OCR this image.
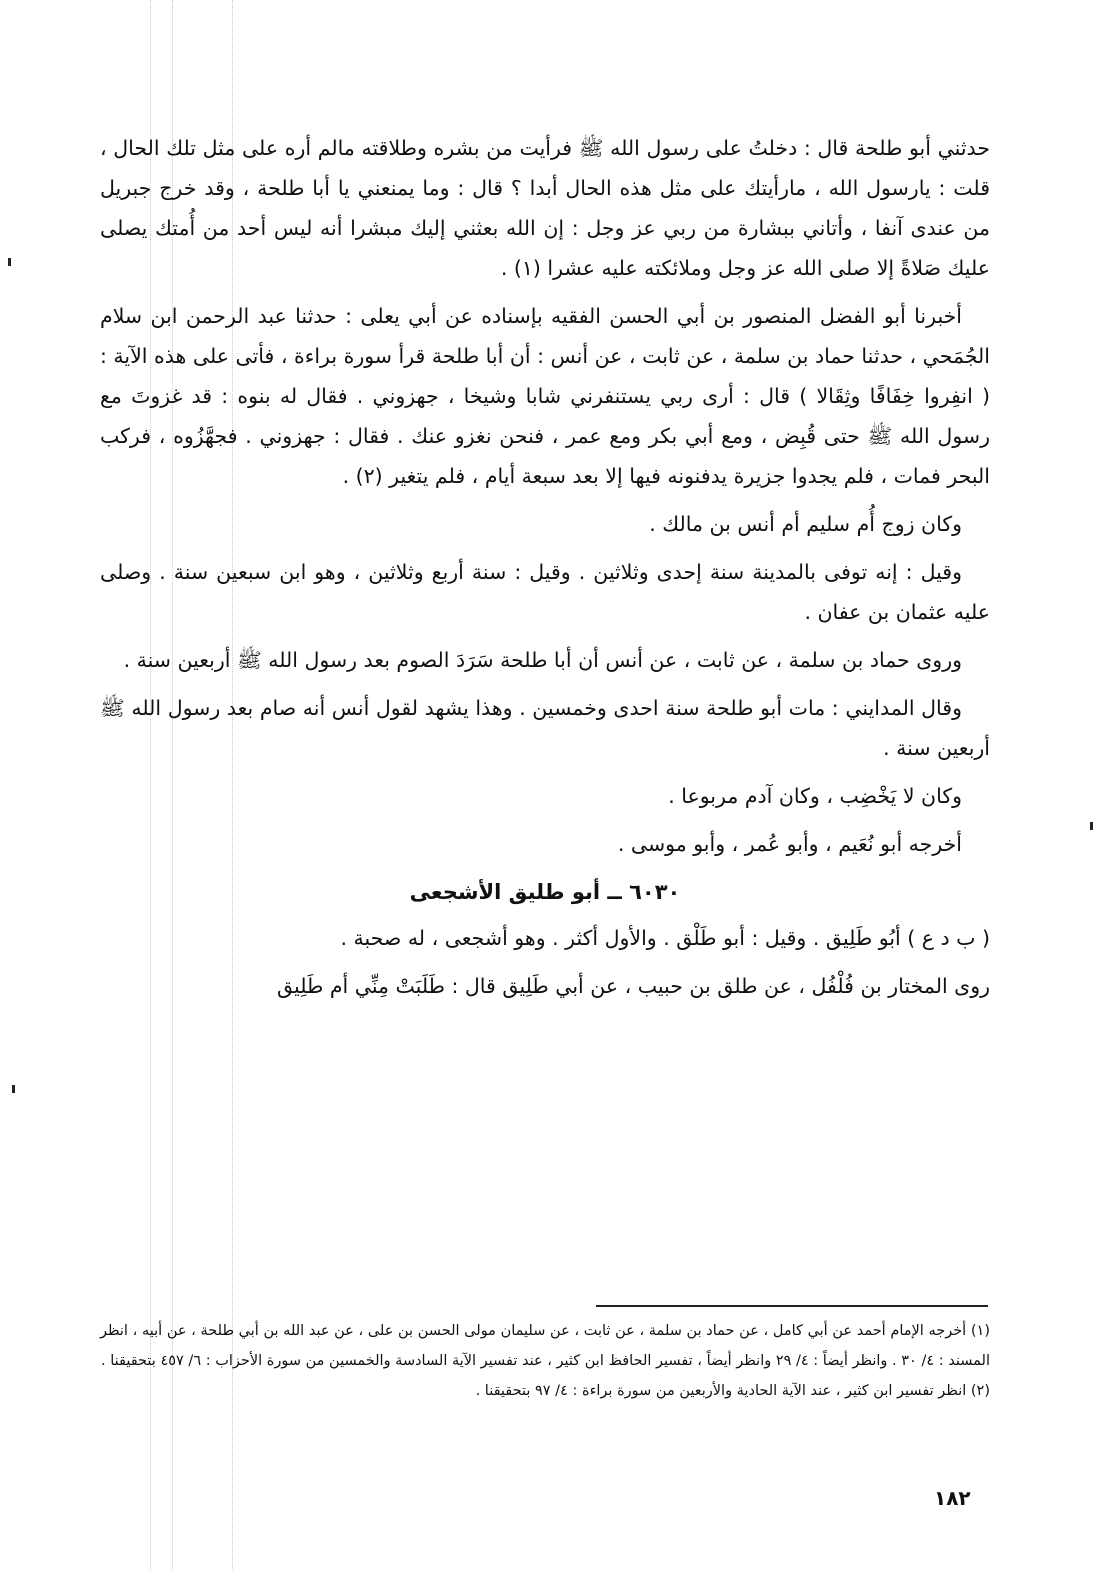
حدثني أبو طلحة قال : دخلتُ على رسول الله ﷺ فرأيت من بشره وطلاقته مالم أره على مثل تلك الحال ، قلت : يارسول الله ، مارأيتك على مثل هذه الحال أبدا ؟ قال : وما يمنعني يا أبا طلحة ، وقد خرج جبريل من عندى آنفا ، وأتاني ببشارة من ربي عز وجل : إن الله بعثني إليك مبشرا أنه ليس أحد من أُمتك يصلى عليك صَلاةً إلا صلى الله عز وجل وملائكته عليه عشرا (١) .

أخبرنا أبو الفضل المنصور بن أبي الحسن الفقيه بإسناده عن أبي يعلى : حدثنا عبد الرحمن ابن سلام الجُمَحي ، حدثنا حماد بن سلمة ، عن ثابت ، عن أنس : أن أبا طلحة قرأ سورة براءة ، فأتى على هذه الآية : ( انفِروا خِفَافًا وثِقَالا ) قال : أرى ربي يستنفرني شابا وشيخا ، جهزوني . فقال له بنوه : قد غزوتَ مع رسول الله ﷺ حتى قُبِض ، ومع أبي بكر ومع عمر ، فنحن نغزو عنك . فقال : جهزوني . فجهَّزُوه ، فركب البحر فمات ، فلم يجدوا جزيرة يدفنونه فيها إلا بعد سبعة أيام ، فلم يتغير (٢) .

وكان زوج أُم سليم أم أنس بن مالك .

وقيل : إنه توفى بالمدينة سنة إحدى وثلاثين . وقيل : سنة أربع وثلاثين ، وهو ابن سبعين سنة . وصلى عليه عثمان بن عفان .

وروى حماد بن سلمة ، عن ثابت ، عن أنس أن أبا طلحة سَرَدَ الصوم بعد رسول الله ﷺ أربعين سنة .

وقال المدايني : مات أبو طلحة سنة احدى وخمسين . وهذا يشهد لقول أنس أنه صام بعد رسول الله ﷺ أربعين سنة .

وكان لا يَخْضِب ، وكان آدم مربوعا .

أخرجه أبو نُعَيم ، وأبو عُمر ، وأبو موسى .

٦٠٣٠ ــ أبو طليق الأشجعى

( ب د ع ) أبُو طَلِيق . وقيل : أبو طَلْق . والأول أكثر . وهو أشجعى ، له صحبة .

روى المختار بن فُلْفُل ، عن طلق بن حبيب ، عن أبي طَلِيق قال : طَلَبَتْ مِنِّي أم طَلِيق

(١) أخرجه الإمام أحمد عن أبي كامل ، عن حماد بن سلمة ، عن ثابت ، عن سليمان مولى الحسن بن على ، عن عبد الله بن أبي طلحة ، عن أبيه ، انظر المسند : ٤/ ٣٠ . وانظر أيضاً : ٤/ ٢٩ وانظر أيضاً ، تفسير الحافظ ابن كثير ، عند تفسير الآية السادسة والخمسين من سورة الأحزاب : ٦/ ٤٥٧ بتحقيقنا .

(٢) انظر تفسير ابن كثير ، عند الآية الحادية والأربعين من سورة براءة : ٤/ ٩٧ بتحقيقنا .

١٨٢
